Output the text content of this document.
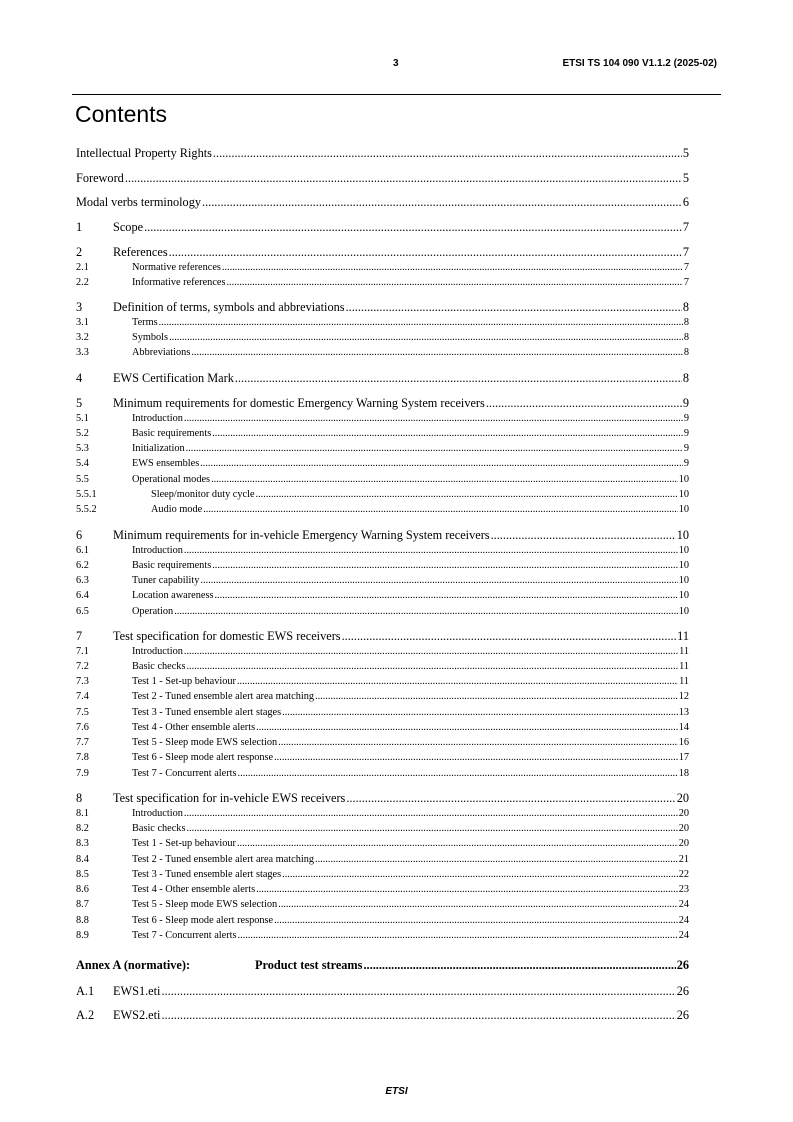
3	ETSI TS 104 090 V1.1.2 (2025-02)
Contents
Intellectual Property Rights .....	5
Foreword .....	5
Modal verbs terminology .....	6
1	Scope .....	7
2	References .....	7
2.1	Normative references .....	7
2.2	Informative references .....	7
3	Definition of terms, symbols and abbreviations .....	8
3.1	Terms .....	8
3.2	Symbols .....	8
3.3	Abbreviations .....	8
4	EWS Certification Mark .....	8
5	Minimum requirements for domestic Emergency Warning System receivers .....	9
5.1	Introduction .....	9
5.2	Basic requirements .....	9
5.3	Initialization .....	9
5.4	EWS ensembles .....	9
5.5	Operational modes .....	10
5.5.1	Sleep/monitor duty cycle .....	10
5.5.2	Audio mode .....	10
6	Minimum requirements for in-vehicle Emergency Warning System receivers .....	10
6.1	Introduction .....	10
6.2	Basic requirements .....	10
6.3	Tuner capability .....	10
6.4	Location awareness .....	10
6.5	Operation .....	10
7	Test specification for domestic EWS receivers .....	11
7.1	Introduction .....	11
7.2	Basic checks .....	11
7.3	Test 1 - Set-up behaviour .....	11
7.4	Test 2 - Tuned ensemble alert area matching .....	12
7.5	Test 3 - Tuned ensemble alert stages .....	13
7.6	Test 4 - Other ensemble alerts .....	14
7.7	Test 5 - Sleep mode EWS selection .....	16
7.8	Test 6 - Sleep mode alert response .....	17
7.9	Test 7 - Concurrent alerts .....	18
8	Test specification for in-vehicle EWS receivers .....	20
8.1	Introduction .....	20
8.2	Basic checks .....	20
8.3	Test 1 - Set-up behaviour .....	20
8.4	Test 2 - Tuned ensemble alert area matching .....	21
8.5	Test 3 - Tuned ensemble alert stages .....	22
8.6	Test 4 - Other ensemble alerts .....	23
8.7	Test 5 - Sleep mode EWS selection .....	24
8.8	Test 6 - Sleep mode alert response .....	24
8.9	Test 7 - Concurrent alerts .....	24
Annex A (normative):	Product test streams .....	26
A.1	EWS1.eti .....	26
A.2	EWS2.eti .....	26
ETSI
